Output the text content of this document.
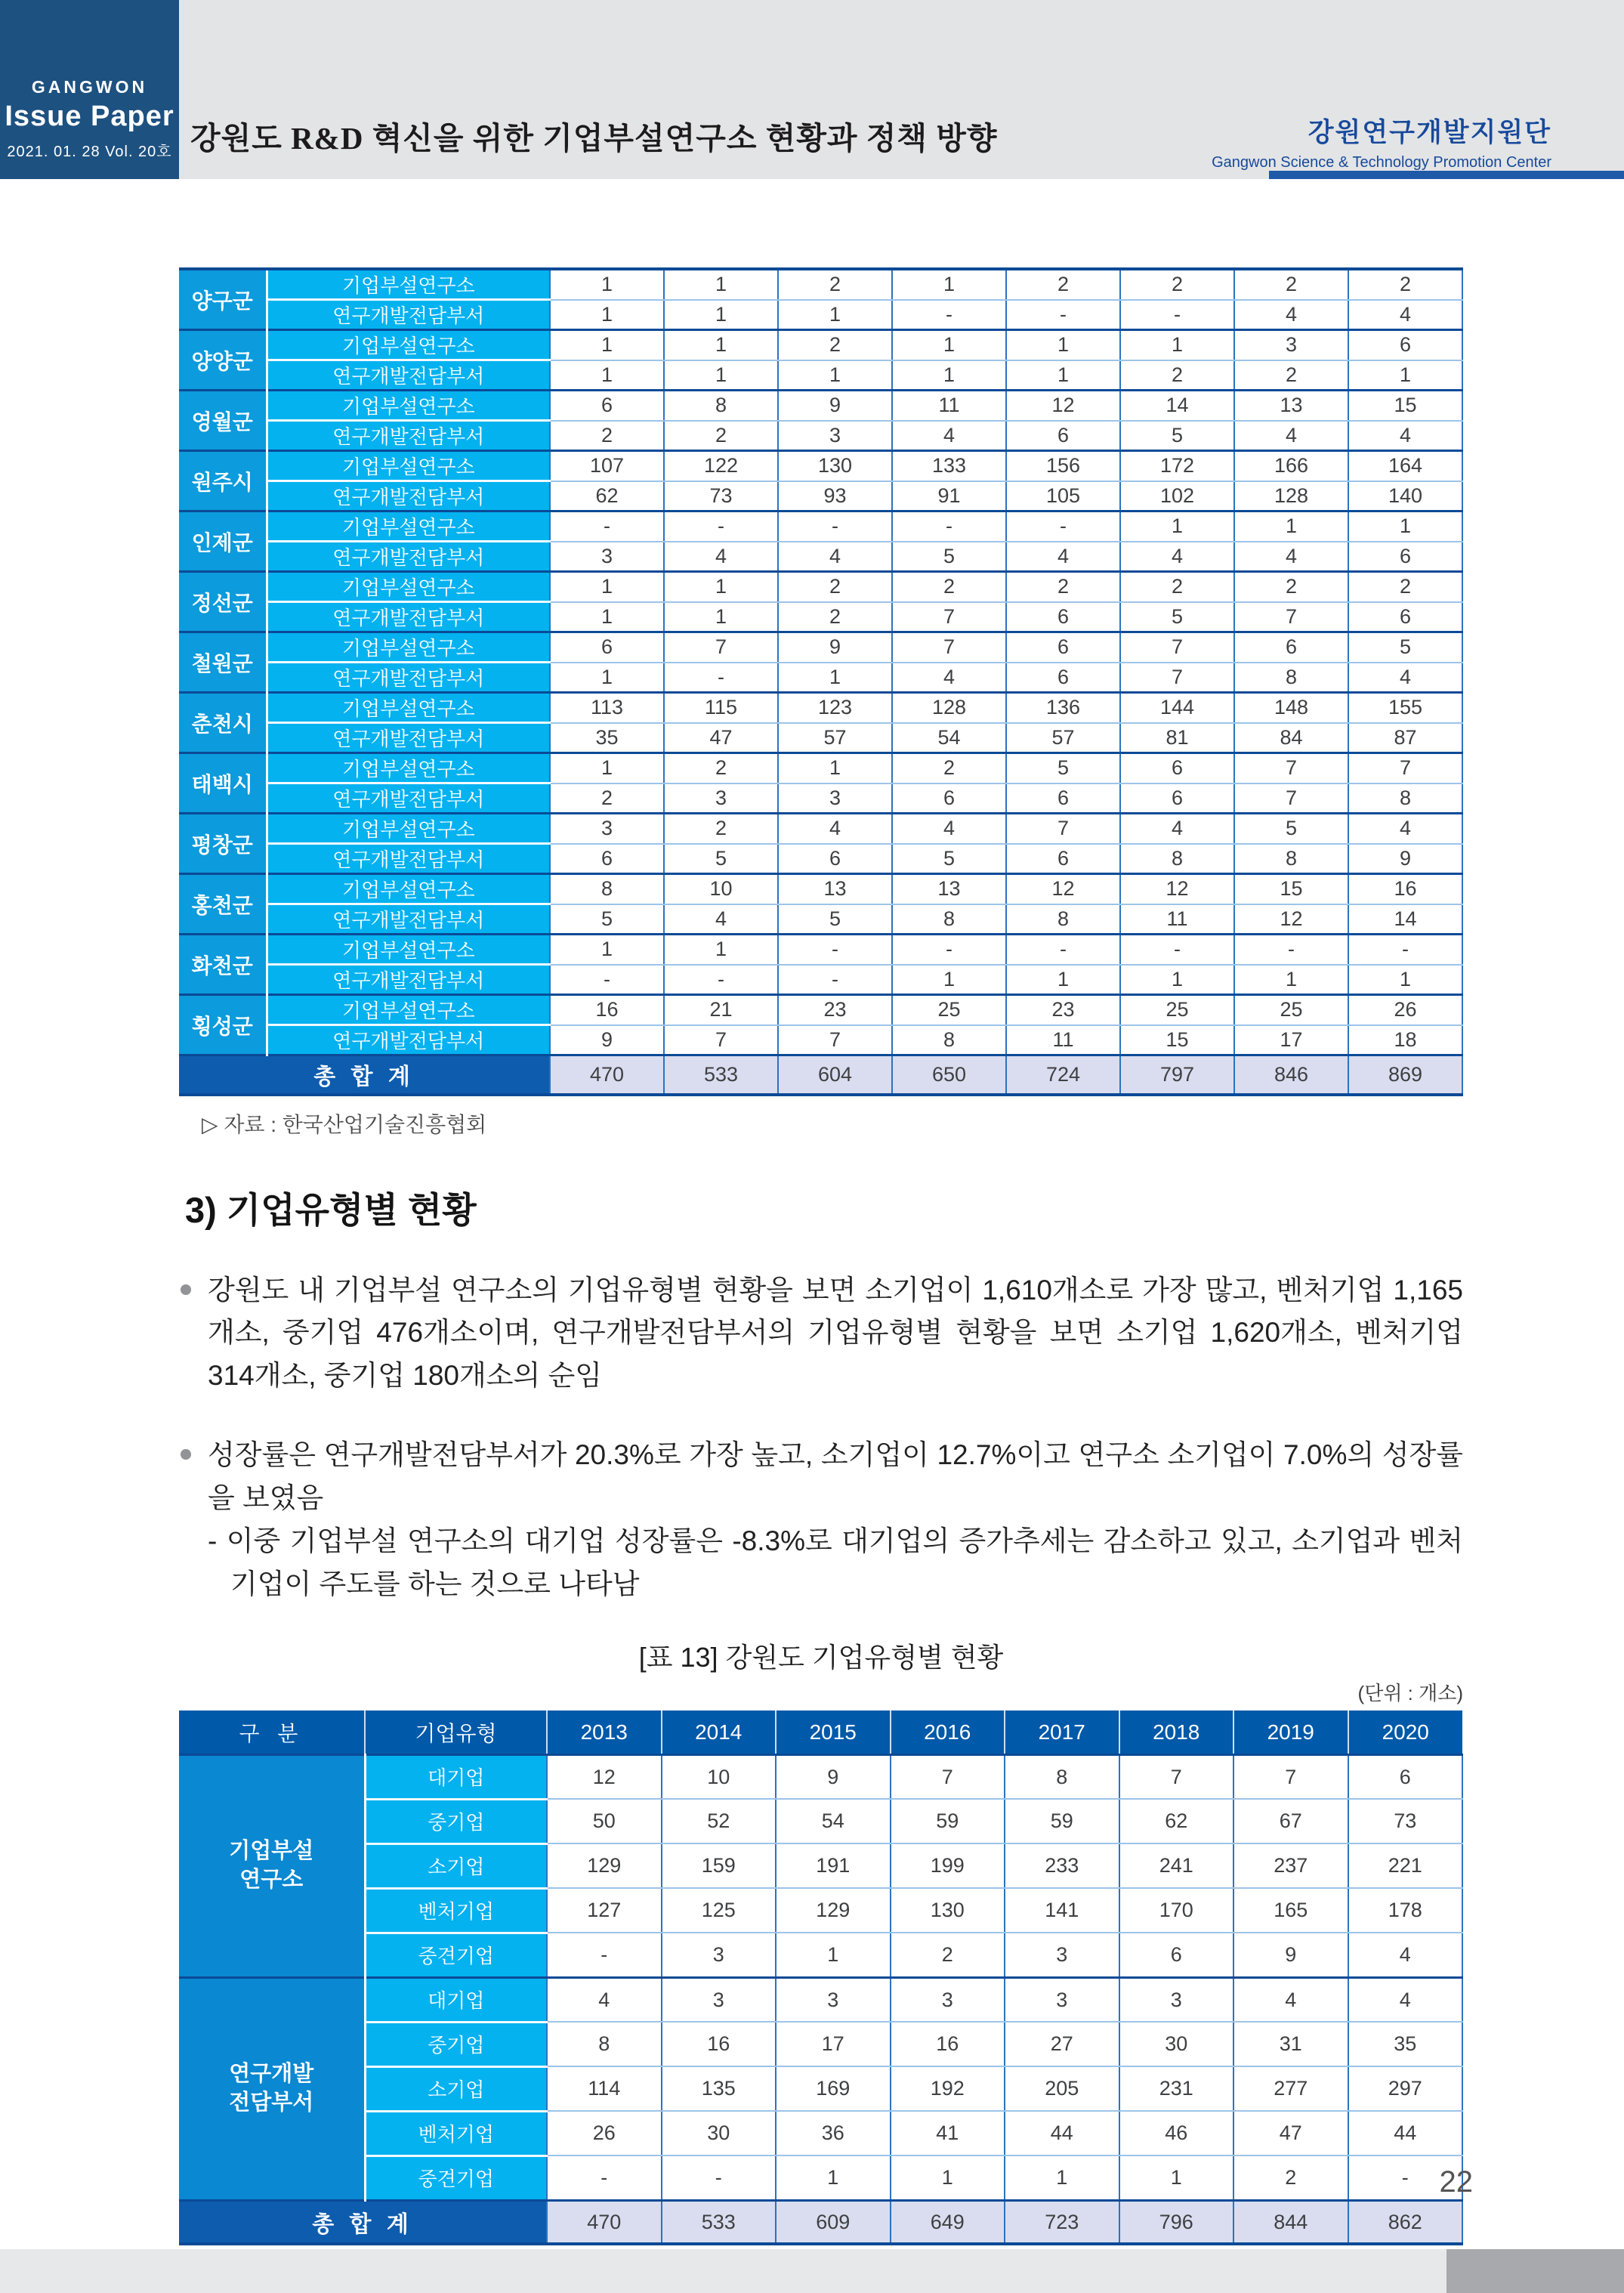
GANGWON
Issue Paper
2021. 01. 28 Vol. 20호 강원도 R&D 혁신을 위한 기업부설연구소 현황과 정책 방향	강원연구개발지원단
Gangwon Science & Technology Promotion Center
양구군	기업부설연구소	1	1	2	1	2	2	2	2
	연구개발전담부서	1	1	1	-	-	-	4	4
양양군	기업부설연구소	1	1	2	1	1	1	3	6
	연구개발전담부서	1	1	1	1	1	2	2	1
영월군	기업부설연구소	6	8	9	11	12	14	13	15
	연구개발전담부서	2	2	3	4	6	5	4	4
원주시	기업부설연구소	107	122	130	133	156	172	166	164
	연구개발전담부서	62	73	93	91	105	102	128	140
인제군	기업부설연구소	-	-	-	-	-	1	1	1
	연구개발전담부서	3	4	4	5	4	4	4	6
정선군	기업부설연구소	1	1	2	2	2	2	2	2
	연구개발전담부서	1	1	2	7	6	5	7	6
철원군	기업부설연구소	6	7	9	7	6	7	6	5
	연구개발전담부서	1	-	1	4	6	7	8	4
춘천시	기업부설연구소	113	115	123	128	136	144	148	155
	연구개발전담부서	35	47	57	54	57	81	84	87
태백시	기업부설연구소	1	2	1	2	5	6	7	7
	연구개발전담부서	2	3	3	6	6	6	7	8
평창군	기업부설연구소	3	2	4	4	7	4	5	4
	연구개발전담부서	6	5	6	5	6	8	8	9
홍천군	기업부설연구소	8	10	13	13	12	12	15	16
	연구개발전담부서	5	4	5	8	8	11	12	14
화천군	기업부설연구소	1	1	-	-	-	-	-	-
	연구개발전담부서	-	-	-	1	1	1	1	1
횡성군	기업부설연구소	16	21	23	25	23	25	25	26
	연구개발전담부서	9	7	7	8	11	15	17	18
총 합 계		470	533	604	650	724	797	846	869
▷ 자료 : 한국산업기술진흥협회
3) 기업유형별 현황
강원도 내 기업부설 연구소의 기업유형별 현황을 보면 소기업이 1,610개소로 가장 많고, 벤처기업 1,165개소, 중기업 476개소이며, 연구개발전담부서의 기업유형별 현황을 보면 소기업 1,620개소, 벤처기업 314개소, 중기업 180개소의 순임
성장률은 연구개발전담부서가 20.3%로 가장 높고, 소기업이 12.7%이고 연구소 소기업이 7.0%의 성장률을 보였음
- 이중 기업부설 연구소의 대기업 성장률은 -8.3%로 대기업의 증가추세는 감소하고 있고, 소기업과 벤처 기업이 주도를 하는 것으로 나타남
[표 13] 강원도 기업유형별 현황
(단위 : 개소)
구 분	기업유형	2013	2014	2015	2016	2017	2018	2019	2020
기업부설
연구소	대기업	12	10	9	7	8	7	7	6
	중기업	50	52	54	59	59	62	67	73
	소기업	129	159	191	199	233	241	237	221
	벤처기업	127	125	129	130	141	170	165	178
	중견기업	-	3	1	2	3	6	9	4
연구개발
전담부서	대기업	4	3	3	3	3	3	4	4
	중기업	8	16	17	16	27	30	31	35
	소기업	114	135	169	192	205	231	277	297
	벤처기업	26	30	36	41	44	46	47	44
	중견기업	-	-	1	1	1	1	2	-
총 합 계		470	533	609	649	723	796	844	862
22
